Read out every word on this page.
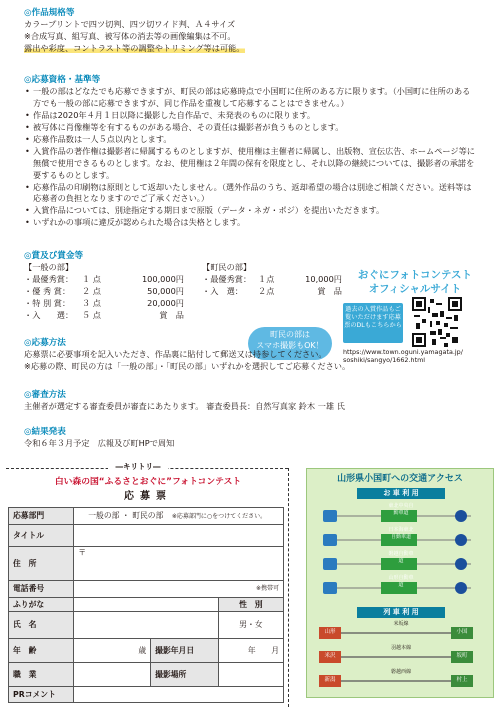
◎作品規格等
カラープリントで四ツ切判、四ツ切ワイド判、Ａ４サイズ
※合成写真、組写真、被写体の消去等の画像編集は不可。
露出や彩度、コントラスト等の調整やトリミング等は可能。
◎応募資格・基準等
• 一般の部はどなたでも応募できますが、町民の部は応募時点で小国町に住所のある方に限ります。（小国町に住所のある方でも一般の部に応募できますが、同じ作品を重複して応募することはできません。）
• 作品は2020年４月１日以降に撮影した自作品で、未発表のものに限ります。
• 被写体に肖像権等を有するものがある場合、その責任は撮影者が負うものとします。
• 応募作品数は一人５点以内とします。
• 入賞作品の著作権は撮影者に帰属するものとしますが、使用権は主催者に帰属し、出版物、宣伝広告、ホームページ等に無償で使用できるものとします。なお、使用権は２年間の保有を限度とし、それ以降の継続については、撮影者の承諾を要するものとします。
• 応募作品の印刷物は原則として返却いたしません。（選外作品のうち、返却希望の場合は別途ご相談ください。送料等は応募者の負担となりますのでご了承ください。）
• 入賞作品については、別途指定する期日まで原版（データ・ネガ・ポジ）を提出いただきます。
• いずれかの事項に違反が認められた場合は失格とします。
◎賞及び賞金等
【一般の部】
・最優秀賞：	１ 点	100,000円
・優 秀 賞：	２ 点	50,000円
・特 別 賞：	３ 点	20,000円
・入　　選：	５ 点	賞　品
【町民の部】
・最優秀賞： １点	10,000円
・入　選：	２点	賞　品
町民の部は
スマホ撮影もOK！
おぐにフォトコンテスト
オフィシャルサイト
過去の入賞作品もご覧いただけます応募票のDLもこちらから
https://www.town.oguni.yamagata.jp/
soshiki/sangyo/1662.html
◎応募方法
応募票に必要事項を記入いただき、作品裏に貼付して郵送又は持参してください。
※応募の際、町民の方は「一般の部」・「町民の部」いずれかを選択してご応募ください。
◎審査方法
主催者が選定する審査委員が審査にあたります。 審査委員長：自然写真家 鈴木 一雄 氏
◎結果発表
令和６年３月予定　広報及び町HPで周知
―キリトリ―
白い森の国“ふるさとおぐに”フォトコンテスト
応募票
応募部門	一般の部 ・ 町民の部 ※応募部門に○をつけてください。		
タイトル			
住　所	〒		
電話番号	※携帯可		
ふりがな			性　別
氏　名			男・女
年　齢	歳	撮影年月日	年　　月
職　業		撮影場所	
PRコメント			
山形県小国町への交通アクセス
お 車 利 用
東北中央自動車道
日本海東北自動車道
磐越自動車道
山形自動車道
列 車 利 用
山形
米沢
新潟
小国
坂町
村上
米坂線
羽越本線
磐越西線
